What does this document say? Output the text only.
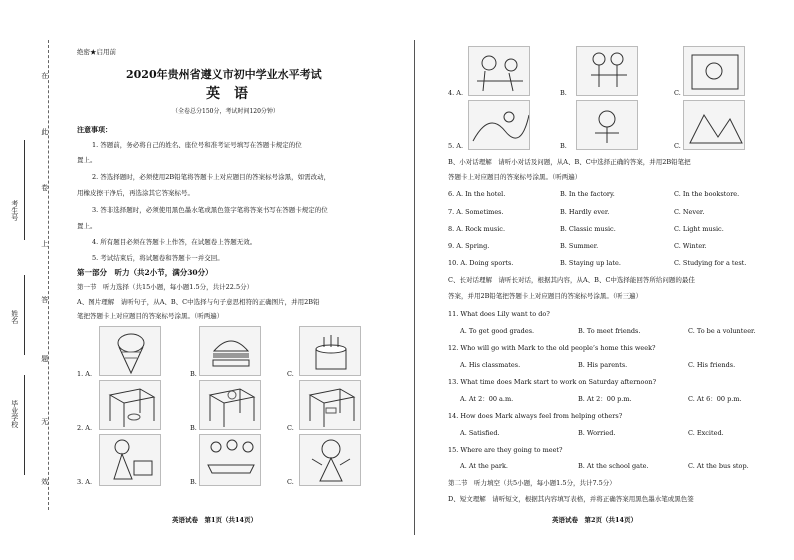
在
此
卷
上
答
题
无
效
考生号
姓名
毕业学校
绝密★启用前
2020年贵州省遵义市初中学业水平考试
英　语
（全卷总分150分，考试时间120分钟）
注意事项：
1. 答题前，务必将自己的姓名、座位号和准考证号填写在答题卡规定的位
置上。
2. 答选择题时，必须使用2B铅笔将答题卡上对应题目的答案标号涂黑，如需改动，
用橡皮擦干净后，再选涂其它答案标号。
3. 答非选择题时，必须使用黑色墨水笔或黑色签字笔将答案书写在答题卡规定的位
置上。
4. 所有题目必须在答题卡上作答，在试题卷上答题无效。
5. 考试结束后，将试题卷和答题卡一并交回。
第一部分　听力（共2小节，满分30分）
第一节　听力选择（共15小题，每小题1.5分，共计22.5分）
A、图片理解　请听句子，从A、B、C中选择与句子意思相符的正确图片，并用2B铅
笔把答题卡上对应题目的答案标号涂黑。（听两遍）
1. A.	B.	C.
2. A.	B.	C.
3. A.	B.	C.
英语试卷　第1页（共14页）
4. A.	B.	C.
5. A.	B.	C.
B、小对话理解　请听小对话及问题，从A、B、C中选择正确的答案，并用2B铅笔把
答题卡上对应题目的答案标号涂黑。（听两遍）
6. A. In the hotel.	B. In the factory.	C. In the bookstore.
7. A. Sometimes.	B. Hardly ever.	C. Never.
8. A. Rock music.	B. Classic music.	C. Light music.
9. A. Spring.	B. Summer.	C. Winter.
10. A. Doing sports.	B. Staying up late.	C. Studying for a test.
C、长对话理解　请听长对话，根据其内容，从A、B、C中选择能回答所给问题的最佳
答案，并用2B铅笔把答题卡上对应题目的答案标号涂黑。（听三遍）
11. What does Lily want to do?
A. To get good grades.	B. To meet friends.	C. To be a volunteer.
12. Who will go with Mark to the old people’s home this week?
A. His classmates.	B. His parents.	C. His friends.
13. What time does Mark start to work on Saturday afternoon?
A. At 2：00 a.m.	B. At 2：00 p.m.	C. At 6：00 p.m.
14. How does Mark always feel from helping others?
A. Satisfied.	B. Worried.	C. Excited.
15. Where are they going to meet?
A. At the park.	B. At the school gate.	C. At the bus stop.
第二节　听力填空（共5小题，每小题1.5分，共计7.5分）
D、短文理解　请听短文，根据其内容填写表格，并将正确答案用黑色墨水笔或黑色签
英语试卷　第2页（共14页）
